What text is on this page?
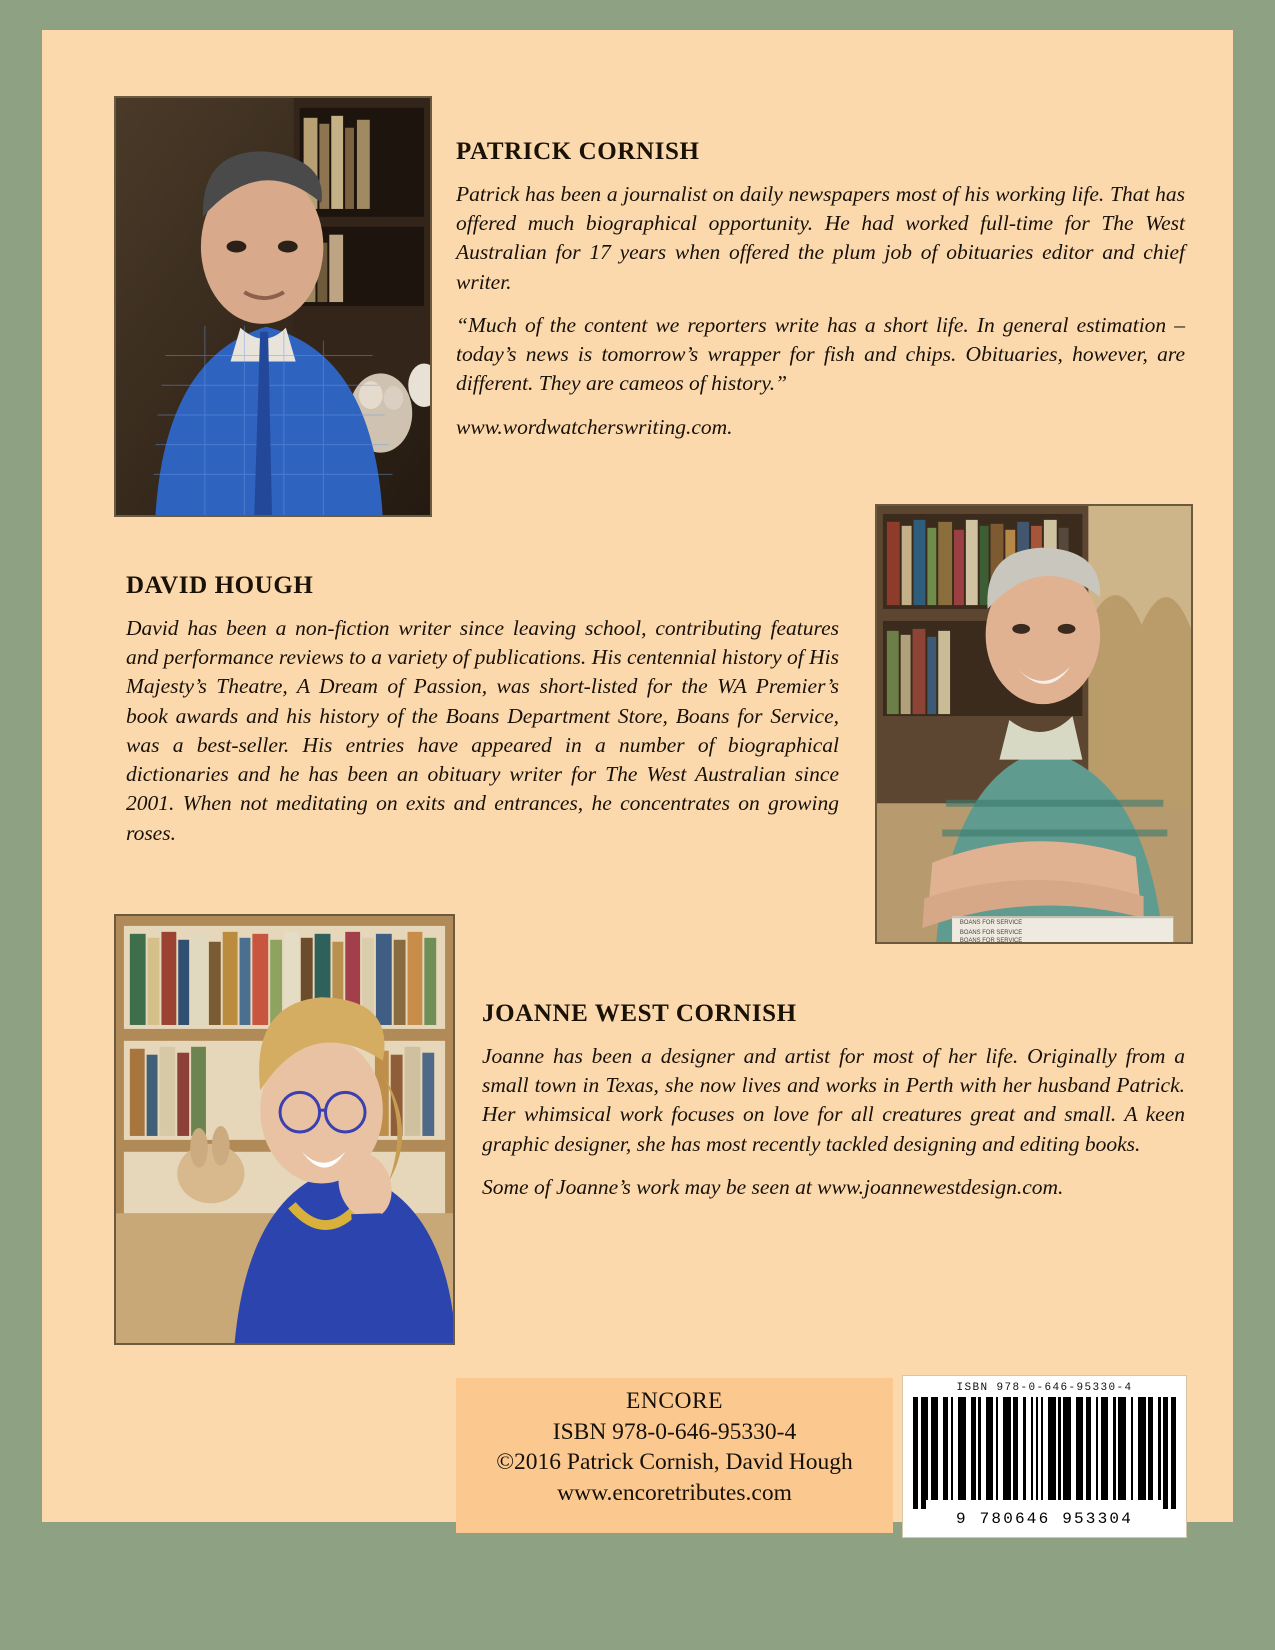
PATRICK CORNISH

Patrick has been a journalist on daily newspapers most of his working life. That has offered much biographical opportunity. He had worked full-time for The West Australian for 17 years when offered the plum job of obituaries editor and chief writer.

“Much of the content we reporters write has a short life. In general estimation – today’s news is tomorrow’s wrapper for fish and chips. Obituaries, however, are different. They are cameos of history.”

www.wordwatcherswriting.com.

BOANS FOR SERVICE
BOANS FOR SERVICE
BOANS FOR SERVICE
DAVID HOUGH

David has been a non-fiction writer since leaving school, contributing features and performance reviews to a variety of publications. His centennial history of His Majesty’s Theatre, A Dream of Passion, was short-listed for the WA Premier’s book awards and his history of the Boans Department Store, Boans for Service, was a best-seller. His entries have appeared in a number of biographical dictionaries and he has been an obituary writer for The West Australian since 2001. When not meditating on exits and entrances, he concentrates on growing roses.

JOANNE WEST CORNISH

Joanne has been a designer and artist for most of her life. Originally from a small town in Texas, she now lives and works in Perth with her husband Patrick. Her whimsical work focuses on love for all creatures great and small. A keen graphic designer, she has most recently tackled designing and editing books.

Some of Joanne’s work may be seen at www.joannewestdesign.com.

ENCORE
ISBN 978-0-646-95330-4
©2016 Patrick Cornish, David Hough
www.encoretributes.com
ISBN 978-0-646-95330-4
9 780646 953304
